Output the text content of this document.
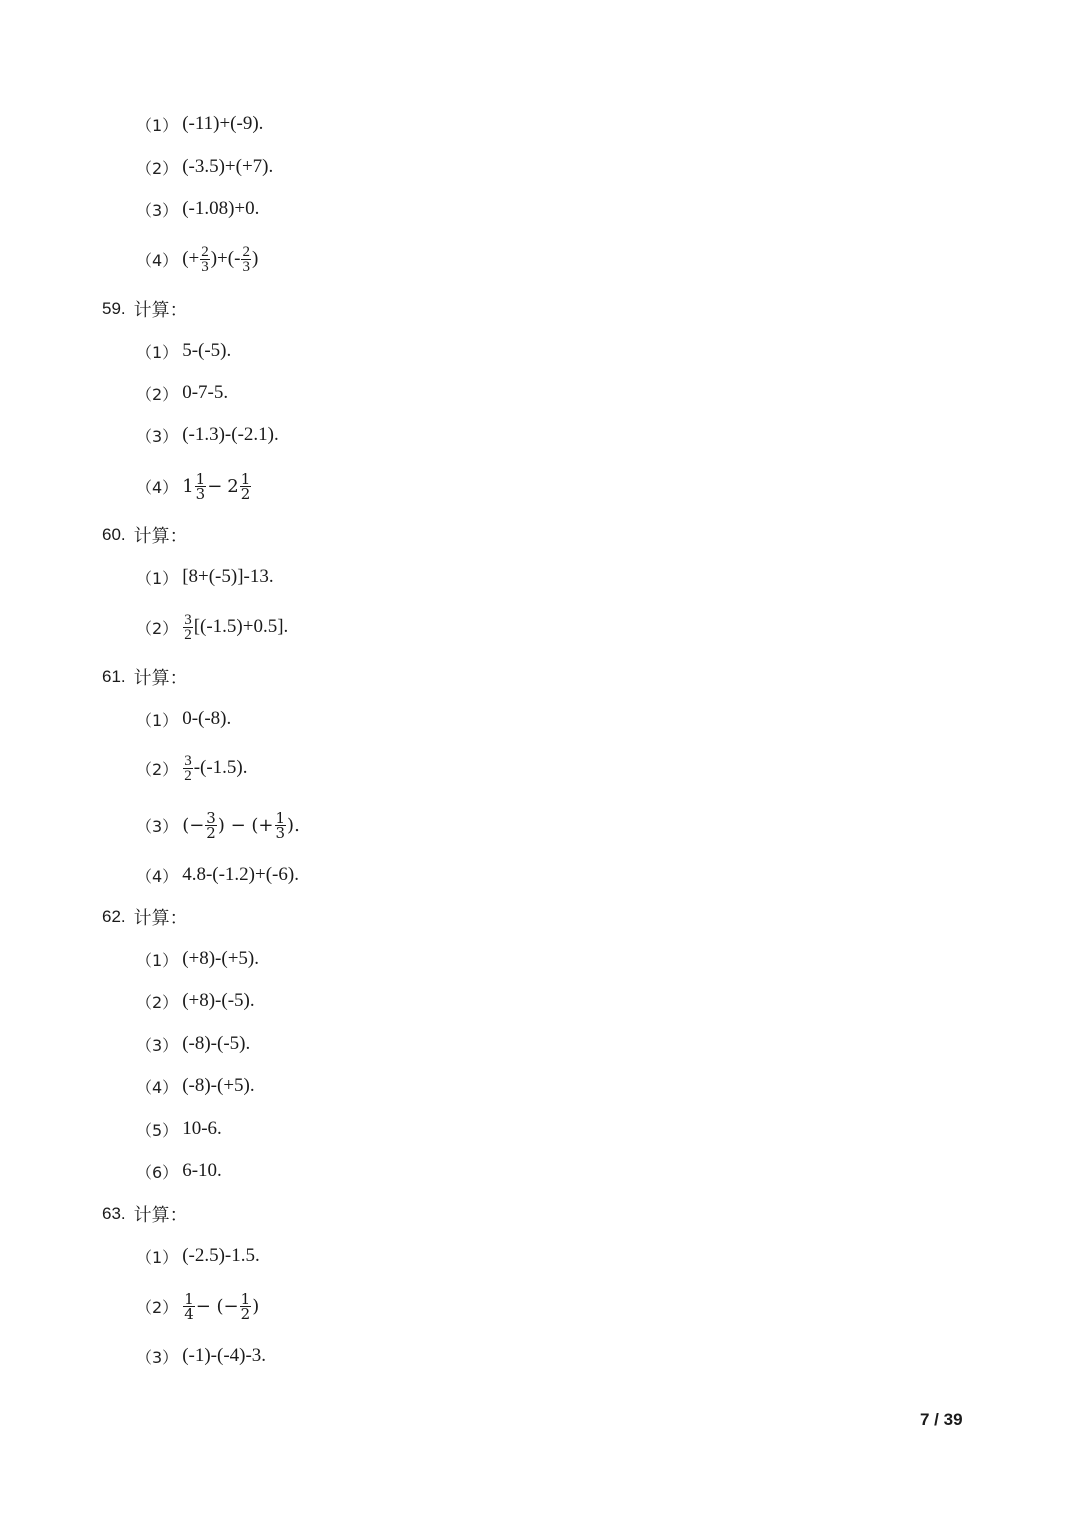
（1） (-11)+(-9).
（2） (-3.5)+(+7).
（3） (-1.08)+0.
（4） (+ $\frac{2}{3}$ )+(- $\frac{2}{3}$ )
59. 计算：
（1） 5-(-5).
（2） 0-7-5.
（3） (-1.3)-(-2.1).
（4） $1 \frac{1}{3} - 2 \frac{1}{2}$
60. 计算：
（1） [8+(-5)]-13.
$(2) \frac{3}{2} [(-1.5)+0.5]$.
61. 计算：
（1） 0-(-8).
$(2) \frac{3}{2} -(-1.5)$.
（3） (− $\frac{3}{2}$ ) − (+ $\frac{1}{3}$ ).
（4） 4.8-(-1.2)+(-6).
62. 计算：
（1） (+8)-(+5).
（2） (+8)-(-5).
（3） (-8)-(-5).
（4） (-8)-(+5).
（5） 10-6.
（6） 6-10.
63. 计算：
（1） (-2.5)-1.5.
$(2) \frac{1}{4}$ − (− $\frac{1}{2}$ )
（3） (-1)-(-4)-3.
7 / 39
